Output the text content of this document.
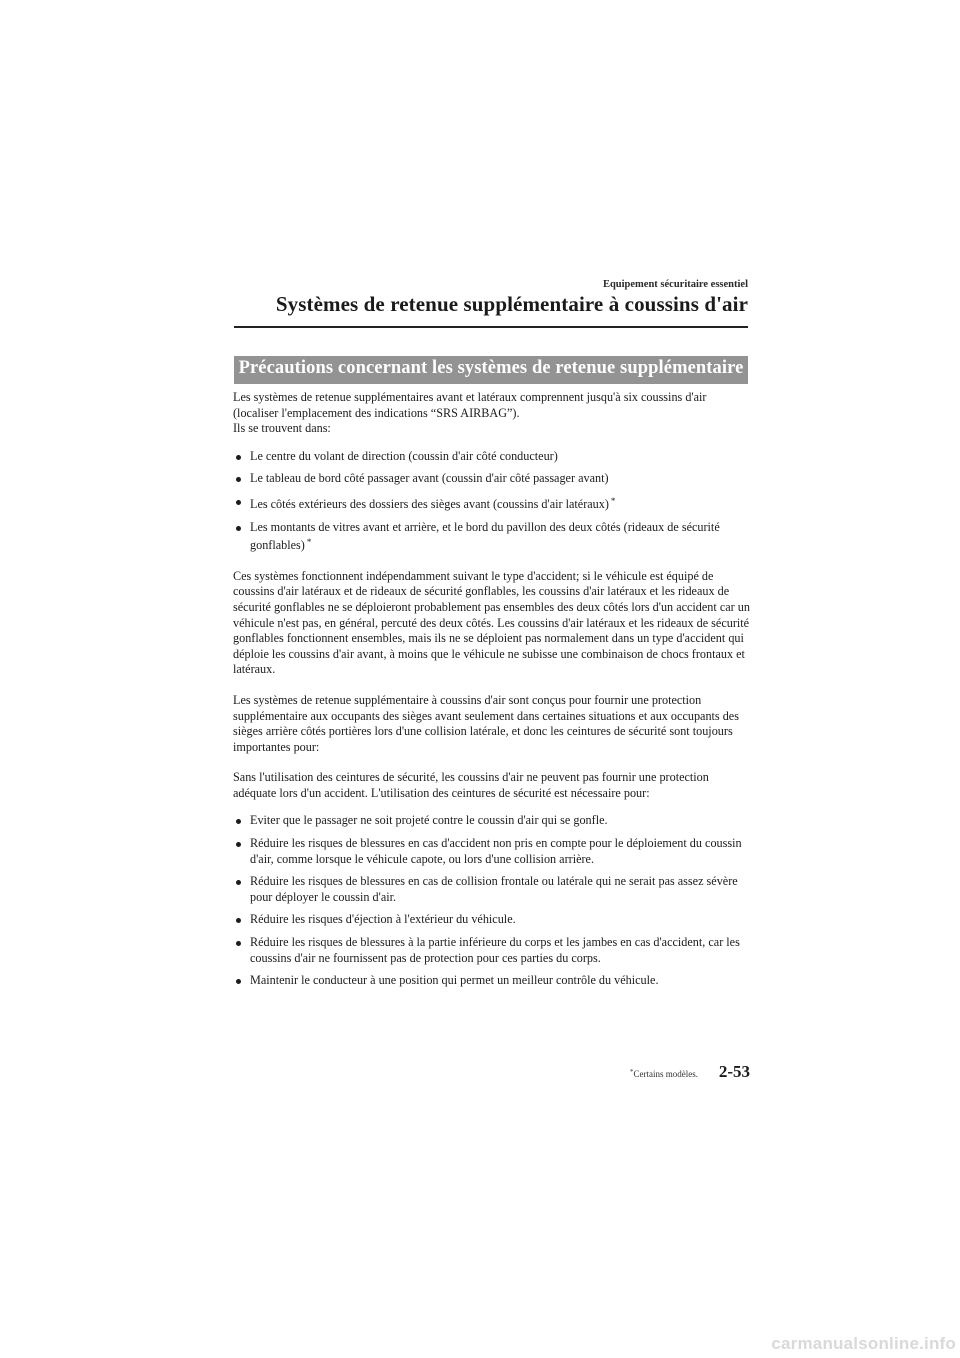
Equipement sécuritaire essentiel
Systèmes de retenue supplémentaire à coussins d'air
Précautions concernant les systèmes de retenue supplémentaire

Les systèmes de retenue supplémentaires avant et latéraux comprennent jusqu'à six coussins d'air (localiser l'emplacement des indications “SRS AIRBAG”).

Ils se trouvent dans:

Le centre du volant de direction (coussin d'air côté conducteur)
Le tableau de bord côté passager avant (coussin d'air côté passager avant)
Les côtés extérieurs des dossiers des sièges avant (coussins d'air latéraux) *
Les montants de vitres avant et arrière, et le bord du pavillon des deux côtés (rideaux de sécurité gonflables) *

Ces systèmes fonctionnent indépendamment suivant le type d'accident; si le véhicule est équipé de coussins d'air latéraux et de rideaux de sécurité gonflables, les coussins d'air latéraux et les rideaux de sécurité gonflables ne se déploieront probablement pas ensembles des deux côtés lors d'un accident car un véhicule n'est pas, en général, percuté des deux côtés. Les coussins d'air latéraux et les rideaux de sécurité gonflables fonctionnent ensembles, mais ils ne se déploient pas normalement dans un type d'accident qui déploie les coussins d'air avant, à moins que le véhicule ne subisse une combinaison de chocs frontaux et latéraux.

Les systèmes de retenue supplémentaire à coussins d'air sont conçus pour fournir une protection supplémentaire aux occupants des sièges avant seulement dans certaines situations et aux occupants des sièges arrière côtés portières lors d'une collision latérale, et donc les ceintures de sécurité sont toujours importantes pour:

Sans l'utilisation des ceintures de sécurité, les coussins d'air ne peuvent pas fournir une protection adéquate lors d'un accident. L'utilisation des ceintures de sécurité est nécessaire pour:

Eviter que le passager ne soit projeté contre le coussin d'air qui se gonfle.
Réduire les risques de blessures en cas d'accident non pris en compte pour le déploiement du coussin d'air, comme lorsque le véhicule capote, ou lors d'une collision arrière.
Réduire les risques de blessures en cas de collision frontale ou latérale qui ne serait pas assez sévère pour déployer le coussin d'air.
Réduire les risques d'éjection à l'extérieur du véhicule.
Réduire les risques de blessures à la partie inférieure du corps et les jambes en cas d'accident, car les coussins d'air ne fournissent pas de protection pour ces parties du corps.
Maintenir le conducteur à une position qui permet un meilleur contrôle du véhicule.
*Certains modèles.	2-53
carmanualsonline.info
